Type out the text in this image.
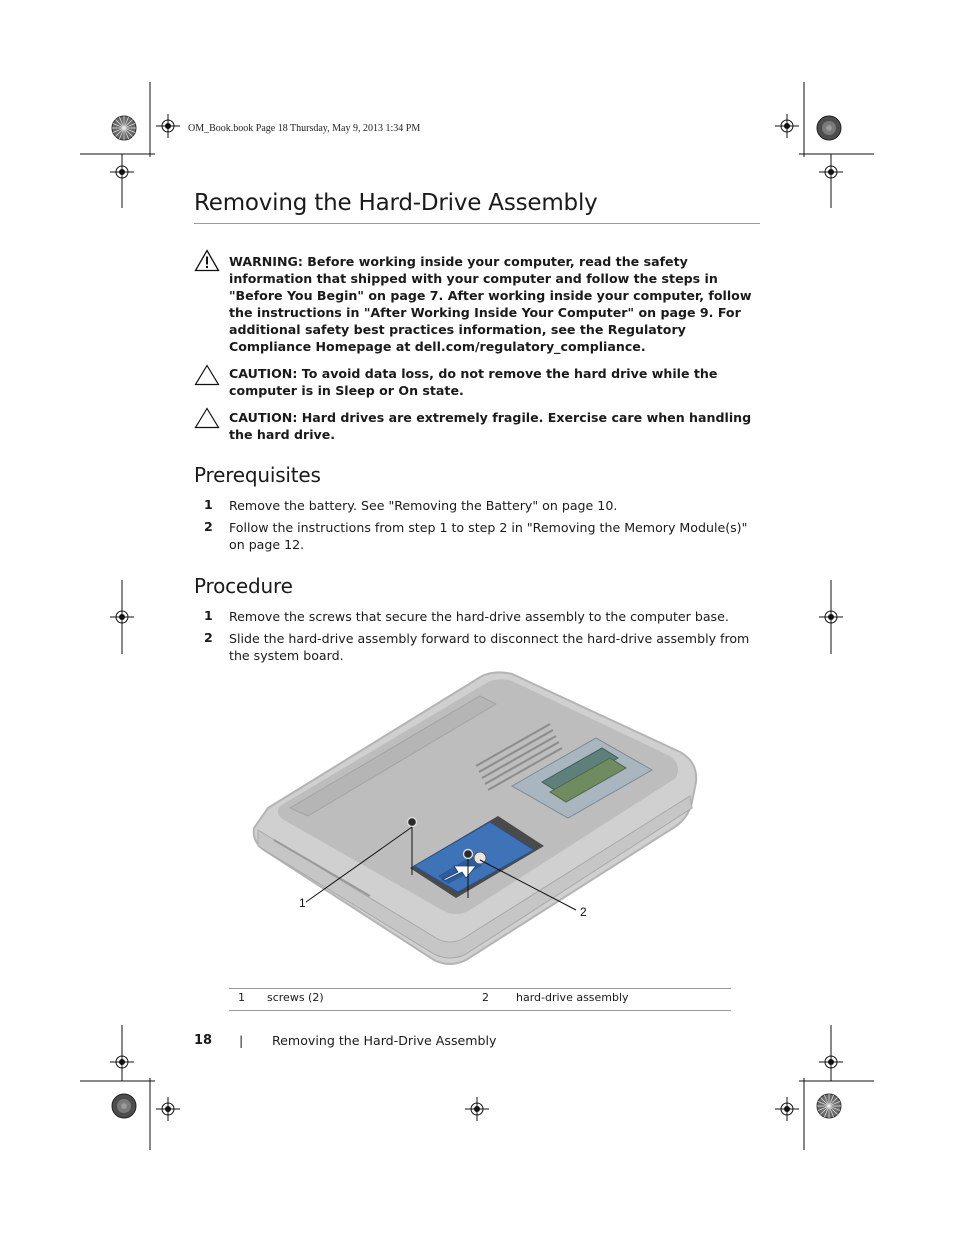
OM_Book.book Page 18 Thursday, May 9, 2013 1:34 PM
Removing the Hard-Drive Assembly
WARNING: Before working inside your computer, read the safety information that shipped with your computer and follow the steps in "Before You Begin" on page 7. After working inside your computer, follow the instructions in "After Working Inside Your Computer" on page 9. For additional safety best practices information, see the Regulatory Compliance Homepage at dell.com/regulatory_compliance.
CAUTION: To avoid data loss, do not remove the hard drive while the computer is in Sleep or On state.
CAUTION: Hard drives are extremely fragile. Exercise care when handling the hard drive.
Prerequisites
1 Remove the battery. See "Removing the Battery" on page 10.
2 Follow the instructions from step 1 to step 2 in "Removing the Memory Module(s)" on page 12.
Procedure
1 Remove the screws that secure the hard-drive assembly to the computer base.
2 Slide the hard-drive assembly forward to disconnect the hard-drive assembly from the system board.
1
2
1 screws (2)	2 hard-drive assembly
18 | Removing the Hard-Drive Assembly
